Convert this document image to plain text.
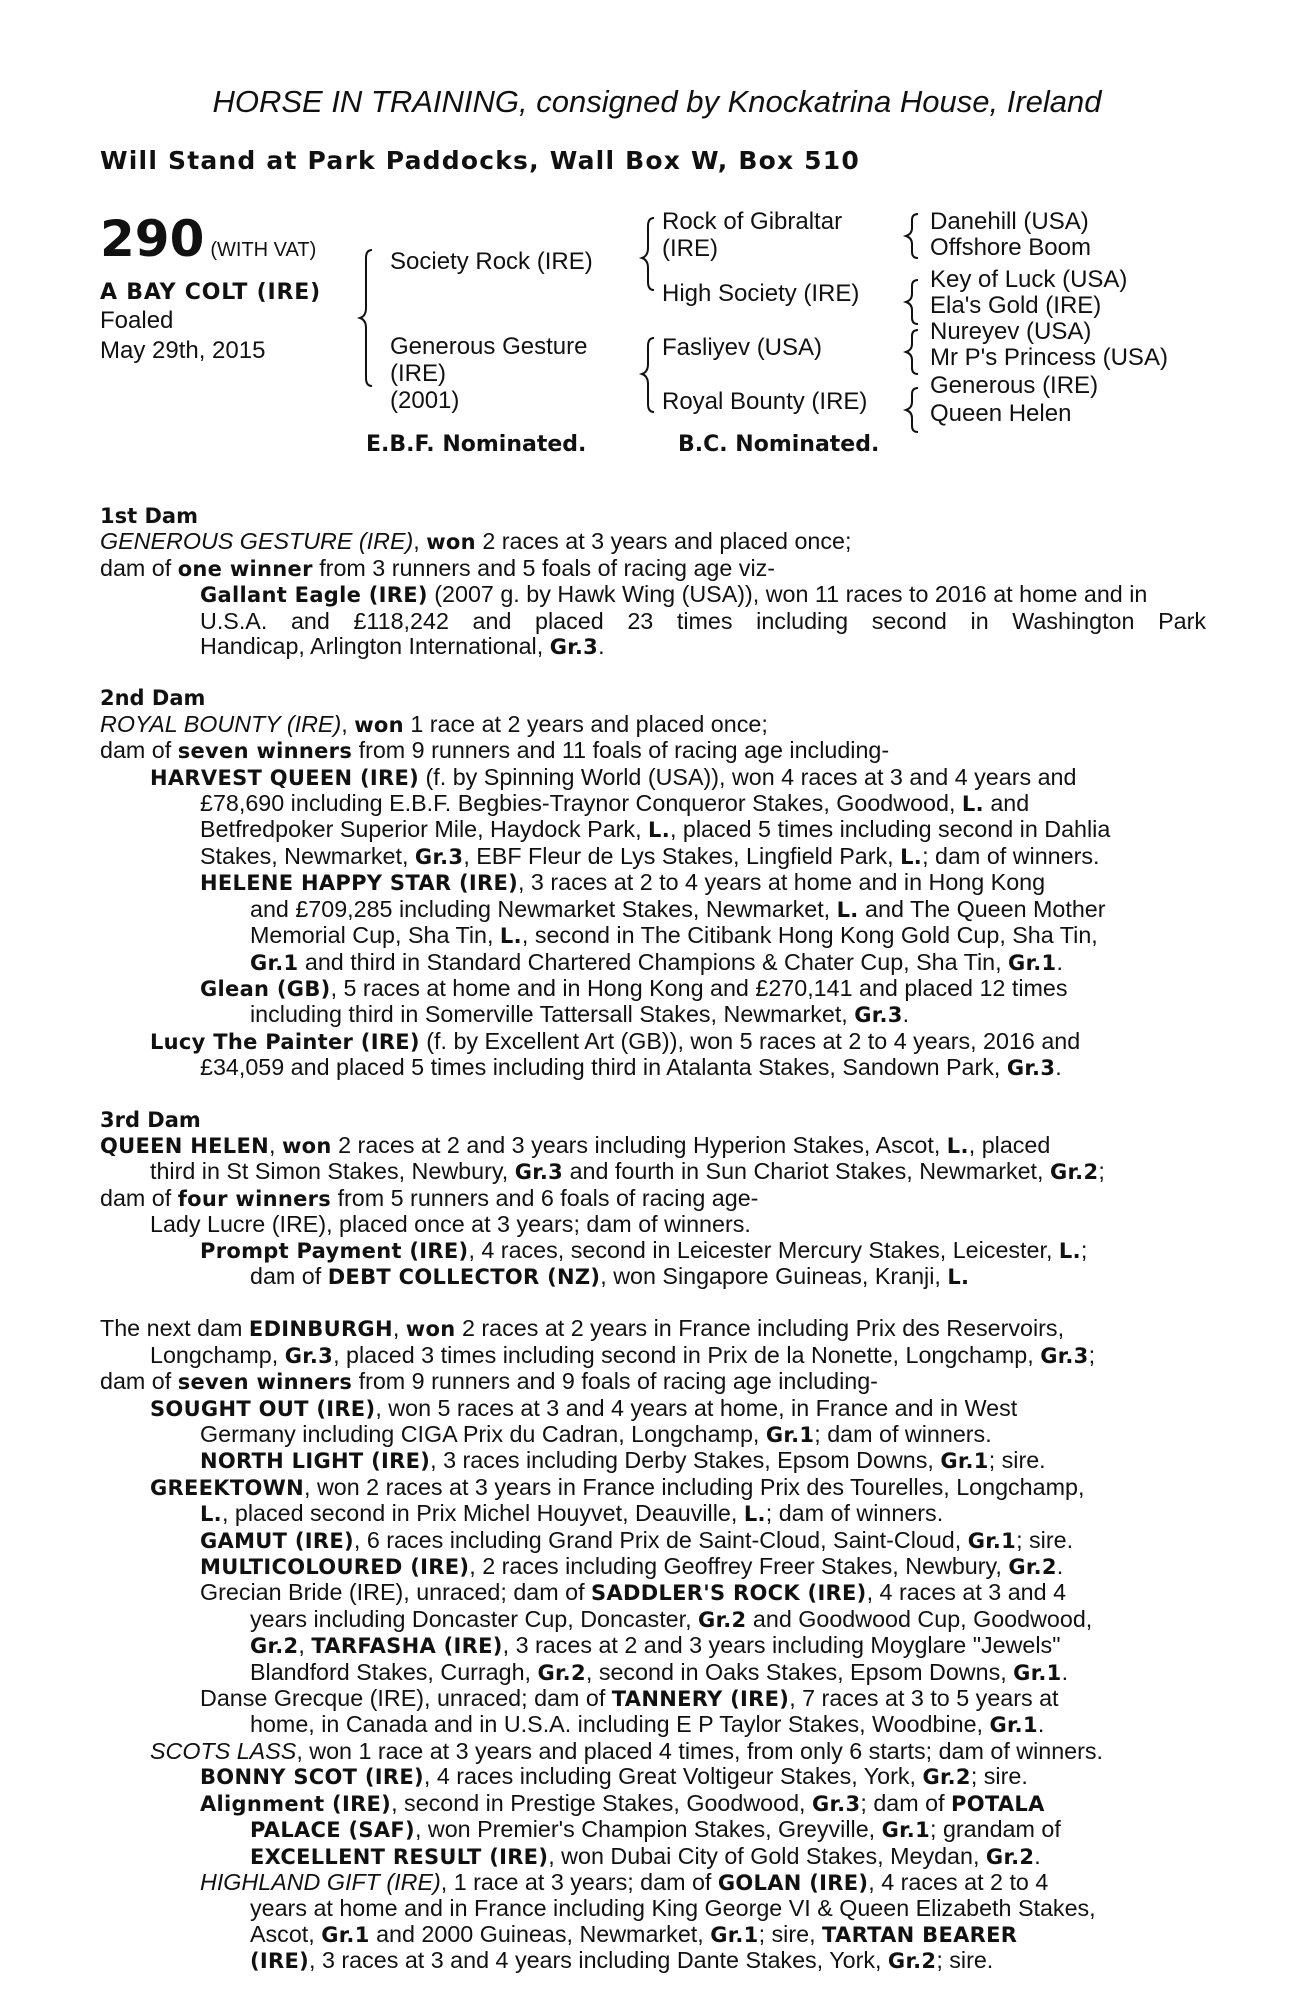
HORSE IN TRAINING, consigned by Knockatrina House, Ireland
Will Stand at Park Paddocks, Wall Box W, Box 510
290 (WITH VAT)
A BAY COLT (IRE)
Foaled
May 29th, 2015
Society Rock (IRE)
Generous Gesture
(IRE)
(2001)
Rock of Gibraltar
(IRE)
High Society (IRE)
Fasliyev (USA)
Royal Bounty (IRE)
Danehill (USA)
Offshore Boom
Key of Luck (USA)
Ela's Gold (IRE)
Nureyev (USA)
Mr P's Princess (USA)
Generous (IRE)
Queen Helen
E.B.F. Nominated.	B.C. Nominated.
1st Dam
GENEROUS GESTURE (IRE), won 2 races at 3 years and placed once;
dam of one winner from 3 runners and 5 foals of racing age viz-
Gallant Eagle (IRE) (2007 g. by Hawk Wing (USA)), won 11 races to 2016 at home and in
U.S.A. and £118,242 and placed 23 times including second in Washington Park
Handicap, Arlington International, Gr.3.
2nd Dam
ROYAL BOUNTY (IRE), won 1 race at 2 years and placed once;
dam of seven winners from 9 runners and 11 foals of racing age including-
HARVEST QUEEN (IRE) (f. by Spinning World (USA)), won 4 races at 3 and 4 years and
£78,690 including E.B.F. Begbies-Traynor Conqueror Stakes, Goodwood, L. and
Betfredpoker Superior Mile, Haydock Park, L., placed 5 times including second in Dahlia
Stakes, Newmarket, Gr.3, EBF Fleur de Lys Stakes, Lingfield Park, L.; dam of winners.
HELENE HAPPY STAR (IRE), 3 races at 2 to 4 years at home and in Hong Kong
and £709,285 including Newmarket Stakes, Newmarket, L. and The Queen Mother
Memorial Cup, Sha Tin, L., second in The Citibank Hong Kong Gold Cup, Sha Tin,
Gr.1 and third in Standard Chartered Champions & Chater Cup, Sha Tin, Gr.1.
Glean (GB), 5 races at home and in Hong Kong and £270,141 and placed 12 times
including third in Somerville Tattersall Stakes, Newmarket, Gr.3.
Lucy The Painter (IRE) (f. by Excellent Art (GB)), won 5 races at 2 to 4 years, 2016 and
£34,059 and placed 5 times including third in Atalanta Stakes, Sandown Park, Gr.3.
3rd Dam
QUEEN HELEN, won 2 races at 2 and 3 years including Hyperion Stakes, Ascot, L., placed
third in St Simon Stakes, Newbury, Gr.3 and fourth in Sun Chariot Stakes, Newmarket, Gr.2;
dam of four winners from 5 runners and 6 foals of racing age-
Lady Lucre (IRE), placed once at 3 years; dam of winners.
Prompt Payment (IRE), 4 races, second in Leicester Mercury Stakes, Leicester, L.;
dam of DEBT COLLECTOR (NZ), won Singapore Guineas, Kranji, L.
The next dam EDINBURGH, won 2 races at 2 years in France including Prix des Reservoirs,
Longchamp, Gr.3, placed 3 times including second in Prix de la Nonette, Longchamp, Gr.3;
dam of seven winners from 9 runners and 9 foals of racing age including-
SOUGHT OUT (IRE), won 5 races at 3 and 4 years at home, in France and in West
Germany including CIGA Prix du Cadran, Longchamp, Gr.1; dam of winners.
NORTH LIGHT (IRE), 3 races including Derby Stakes, Epsom Downs, Gr.1; sire.
GREEKTOWN, won 2 races at 3 years in France including Prix des Tourelles, Longchamp,
L., placed second in Prix Michel Houyvet, Deauville, L.; dam of winners.
GAMUT (IRE), 6 races including Grand Prix de Saint-Cloud, Saint-Cloud, Gr.1; sire.
MULTICOLOURED (IRE), 2 races including Geoffrey Freer Stakes, Newbury, Gr.2.
Grecian Bride (IRE), unraced; dam of SADDLER'S ROCK (IRE), 4 races at 3 and 4
years including Doncaster Cup, Doncaster, Gr.2 and Goodwood Cup, Goodwood,
Gr.2, TARFASHA (IRE), 3 races at 2 and 3 years including Moyglare "Jewels"
Blandford Stakes, Curragh, Gr.2, second in Oaks Stakes, Epsom Downs, Gr.1.
Danse Grecque (IRE), unraced; dam of TANNERY (IRE), 7 races at 3 to 5 years at
home, in Canada and in U.S.A. including E P Taylor Stakes, Woodbine, Gr.1.
SCOTS LASS, won 1 race at 3 years and placed 4 times, from only 6 starts; dam of winners.
BONNY SCOT (IRE), 4 races including Great Voltigeur Stakes, York, Gr.2; sire.
Alignment (IRE), second in Prestige Stakes, Goodwood, Gr.3; dam of POTALA
PALACE (SAF), won Premier's Champion Stakes, Greyville, Gr.1; grandam of
EXCELLENT RESULT (IRE), won Dubai City of Gold Stakes, Meydan, Gr.2.
HIGHLAND GIFT (IRE), 1 race at 3 years; dam of GOLAN (IRE), 4 races at 2 to 4
years at home and in France including King George VI & Queen Elizabeth Stakes,
Ascot, Gr.1 and 2000 Guineas, Newmarket, Gr.1; sire, TARTAN BEARER
(IRE), 3 races at 3 and 4 years including Dante Stakes, York, Gr.2; sire.
